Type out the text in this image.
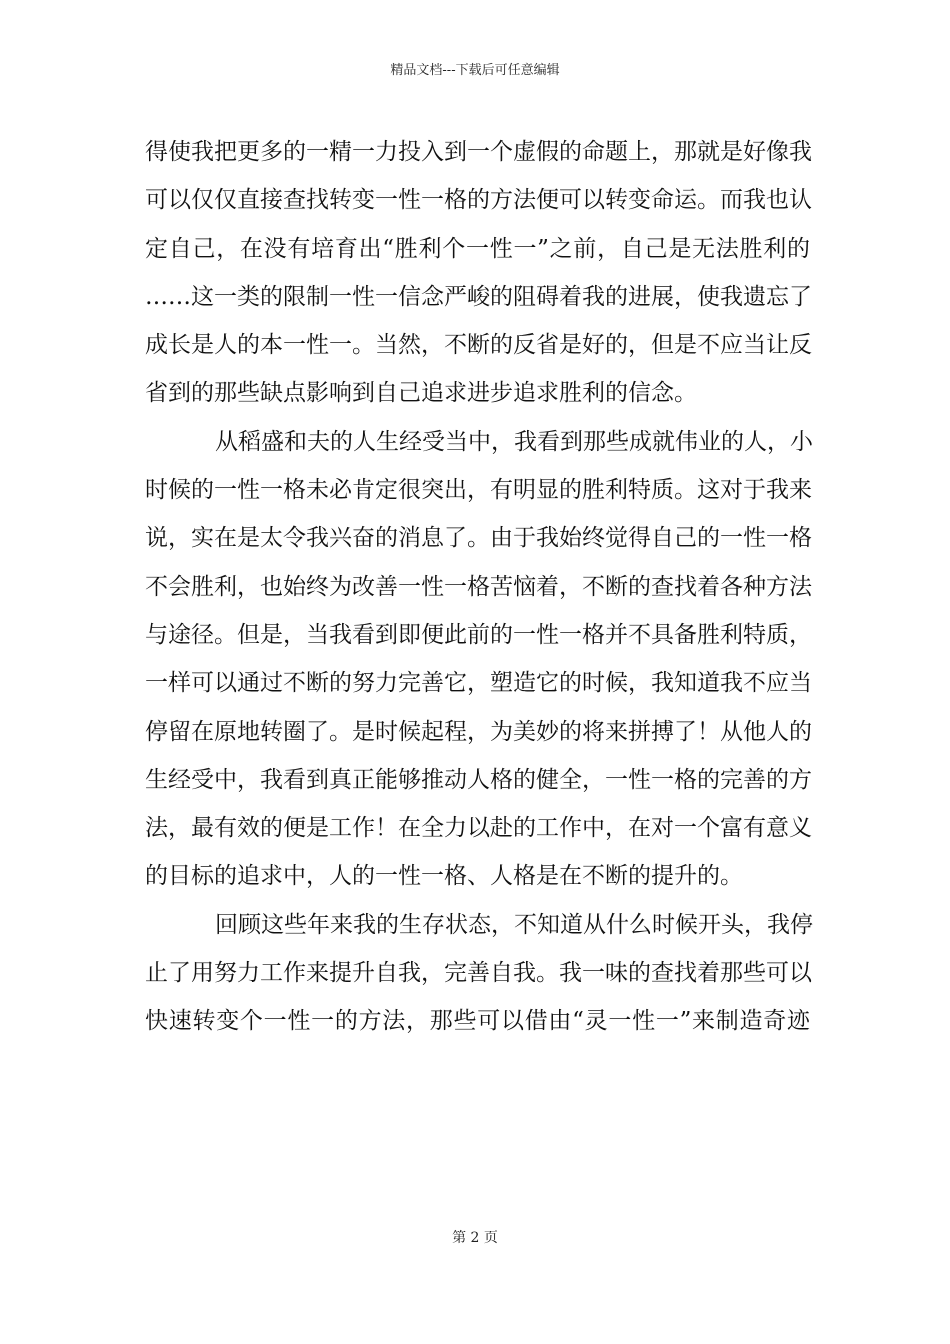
精品文档---下载后可任意编辑
得使我把更多的一精一力投入到一个虚假的命题上，那就是好像我
可以仅仅直接查找转变一性一格的方法便可以转变命运。而我也认
定自己，在没有培育出“胜利个一性一”之前，自己是无法胜利的
……这一类的限制一性一信念严峻的阻碍着我的进展，使我遗忘了
成长是人的本一性一。当然，不断的反省是好的，但是不应当让反
省到的那些缺点影响到自己追求进步追求胜利的信念。
从稻盛和夫的人生经受当中，我看到那些成就伟业的人，小
时候的一性一格未必肯定很突出，有明显的胜利特质。这对于我来
说，实在是太令我兴奋的消息了。由于我始终觉得自己的一性一格
不会胜利，也始终为改善一性一格苦恼着，不断的查找着各种方法
与途径。但是，当我看到即便此前的一性一格并不具备胜利特质，
一样可以通过不断的努力完善它，塑造它的时候，我知道我不应当
停留在原地转圈了。是时候起程，为美妙的将来拼搏了！从他人的
生经受中，我看到真正能够推动人格的健全，一性一格的完善的方
法，最有效的便是工作！在全力以赴的工作中，在对一个富有意义
的目标的追求中，人的一性一格、人格是在不断的提升的。
回顾这些年来我的生存状态，不知道从什么时候开头，我停
止了用努力工作来提升自我，完善自我。我一味的查找着那些可以
快速转变个一性一的方法，那些可以借由“灵一性一”来制造奇迹
第 2 页
